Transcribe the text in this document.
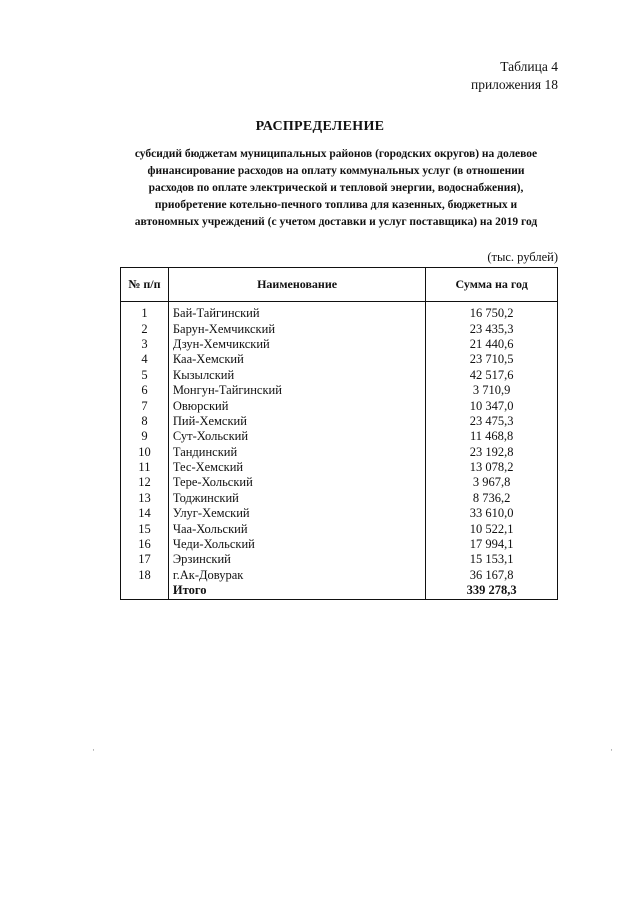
Таблица 4
приложения 18
РАСПРЕДЕЛЕНИЕ
субсидий бюджетам муниципальных районов (городских округов) на долевое
финансирование расходов на оплату коммунальных услуг (в отношении
расходов по оплате электрической и тепловой энергии, водоснабжения),
приобретение котельно-печного топлива для казенных, бюджетных и
автономных учреждений (с учетом доставки и услуг поставщика) на 2019 год
(тыс. рублей)
№ п/п	Наименование	Сумма на год
1	Бай-Тайгинский	16 750,2
2	Барун-Хемчикский	23 435,3
3	Дзун-Хемчикский	21 440,6
4	Каа-Хемский	23 710,5
5	Кызылский	42 517,6
6	Монгун-Тайгинский	3 710,9
7	Овюрский	10 347,0
8	Пий-Хемский	23 475,3
9	Сут-Хольский	11 468,8
10	Тандинский	23 192,8
11	Тес-Хемский	13 078,2
12	Тере-Хольский	3 967,8
13	Тоджинский	8 736,2
14	Улуг-Хемский	33 610,0
15	Чаа-Хольский	10 522,1
16	Чеди-Хольский	17 994,1
17	Эрзинский	15 153,1
18	г.Ак-Довурак	36 167,8
	Итого	339 278,3
·	·
